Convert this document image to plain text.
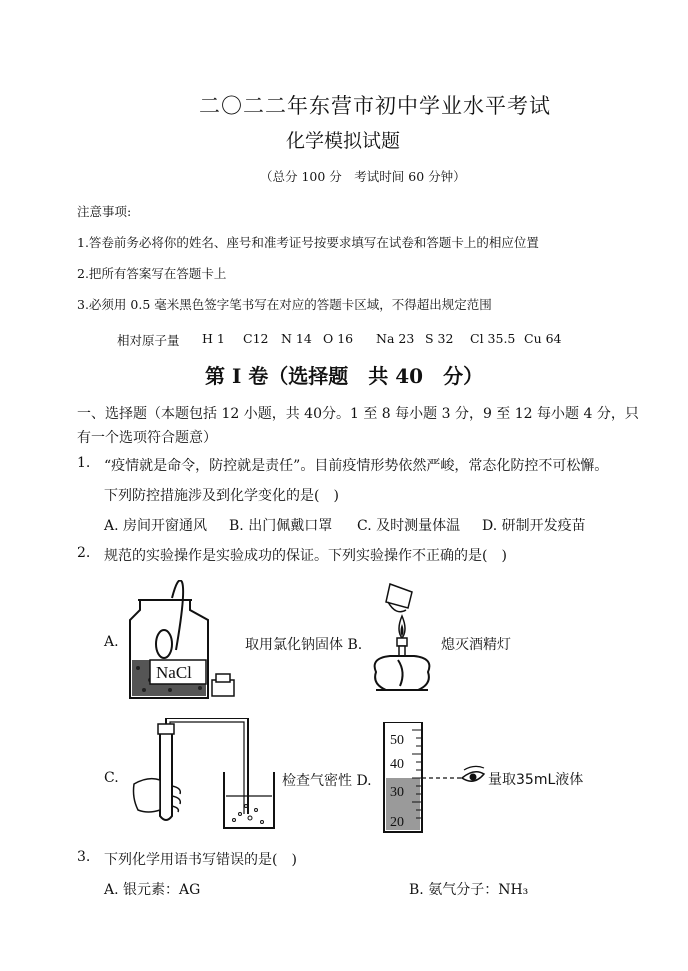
二〇二二年东营市初中学业水平考试
化学模拟试题
（总分 100 分　考试时间 60 分钟）
注意事项:
1.答卷前务必将你的姓名、座号和准考证号按要求填写在试卷和答题卡上的相应位置
2.把所有答案写在答题卡上
3.必须用 0.5 毫米黑色签字笔书写在对应的答题卡区域，不得超出规定范围
相对原子量 H 1 C12 N 14 O 16 Na 23 S 32 Cl 35.5 Cu 64
第 I 卷（选择题　共 40　分）
一、选择题（本题包括 12 小题，共 40分。1 至 8 每小题 3 分，9 至 12 每小题 4 分，只
有一个选项符合题意）
1. “疫情就是命令，防控就是责任”。目前疫情形势依然严峻，常态化防控不可松懈。
下列防控措施涉及到化学变化的是(　)
A. 房间开窗通风 B. 出门佩戴口罩 C. 及时测量体温 D. 研制开发疫苗
2. 规范的实验操作是实验成功的保证。下列实验操作不正确的是(　)
A.
NaCl
取用氯化钠固体 B.	熄灭酒精灯
C.	检查气密性 D.
50
40
30
20
量取35mL液体
3. 下列化学用语书写错误的是(　)
A. 银元素：AG	B. 氨气分子：NH₃
